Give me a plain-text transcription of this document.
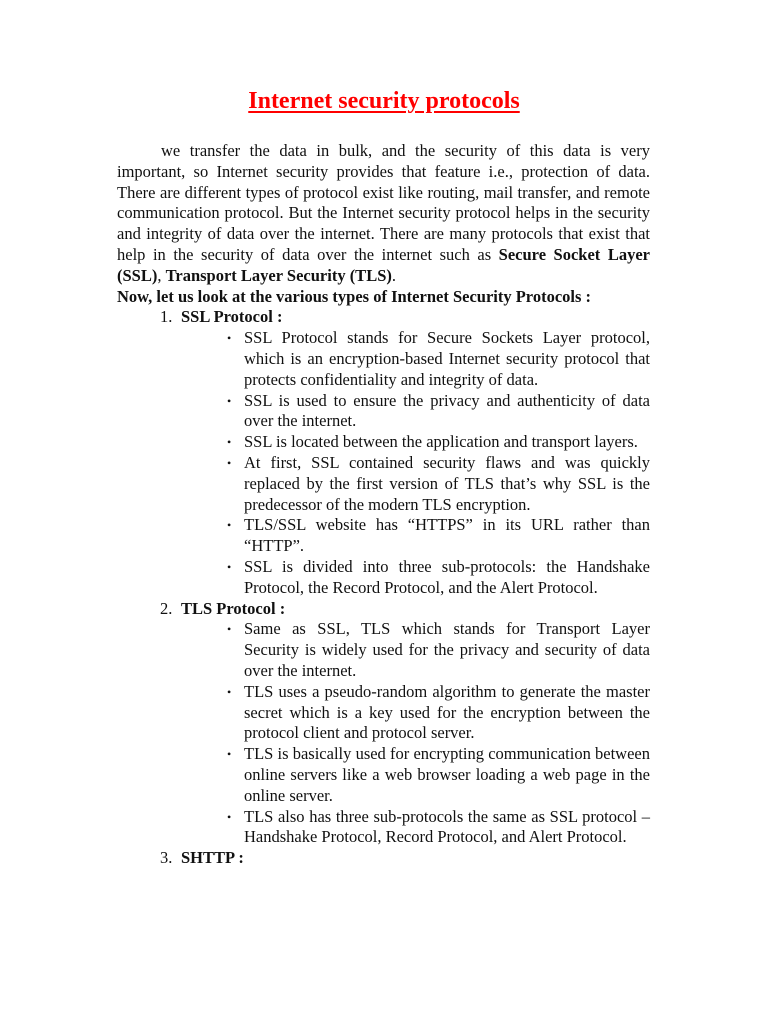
Internet security protocols

we transfer the data in bulk, and the security of this data is very important, so Internet security provides that feature i.e., protection of data. There are different types of protocol exist like routing, mail transfer, and remote communication protocol. But the Internet security protocol helps in the security and integrity of data over the internet. There are many protocols that exist that help in the security of data over the internet such as Secure Socket Layer (SSL), Transport Layer Security (TLS).

Now, let us look at the various types of Internet Security Protocols :

1. SSL Protocol :
• SSL Protocol stands for Secure Sockets Layer protocol, which is an encryption-based Internet security protocol that protects confidentiality and integrity of data.
• SSL is used to ensure the privacy and authenticity of data over the internet.
• SSL is located between the application and transport layers.
• At first, SSL contained security flaws and was quickly replaced by the first version of TLS that’s why SSL is the predecessor of the modern TLS encryption.
• TLS/SSL website has “HTTPS” in its URL rather than “HTTP”.
• SSL is divided into three sub-protocols: the Handshake Protocol, the Record Protocol, and the Alert Protocol.
2. TLS Protocol :
• Same as SSL, TLS which stands for Transport Layer Security is widely used for the privacy and security of data over the internet.
• TLS uses a pseudo-random algorithm to generate the master secret which is a key used for the encryption between the protocol client and protocol server.
• TLS is basically used for encrypting communication between online servers like a web browser loading a web page in the online server.
• TLS also has three sub-protocols the same as SSL protocol – Handshake Protocol, Record Protocol, and Alert Protocol.
3. SHTTP :
